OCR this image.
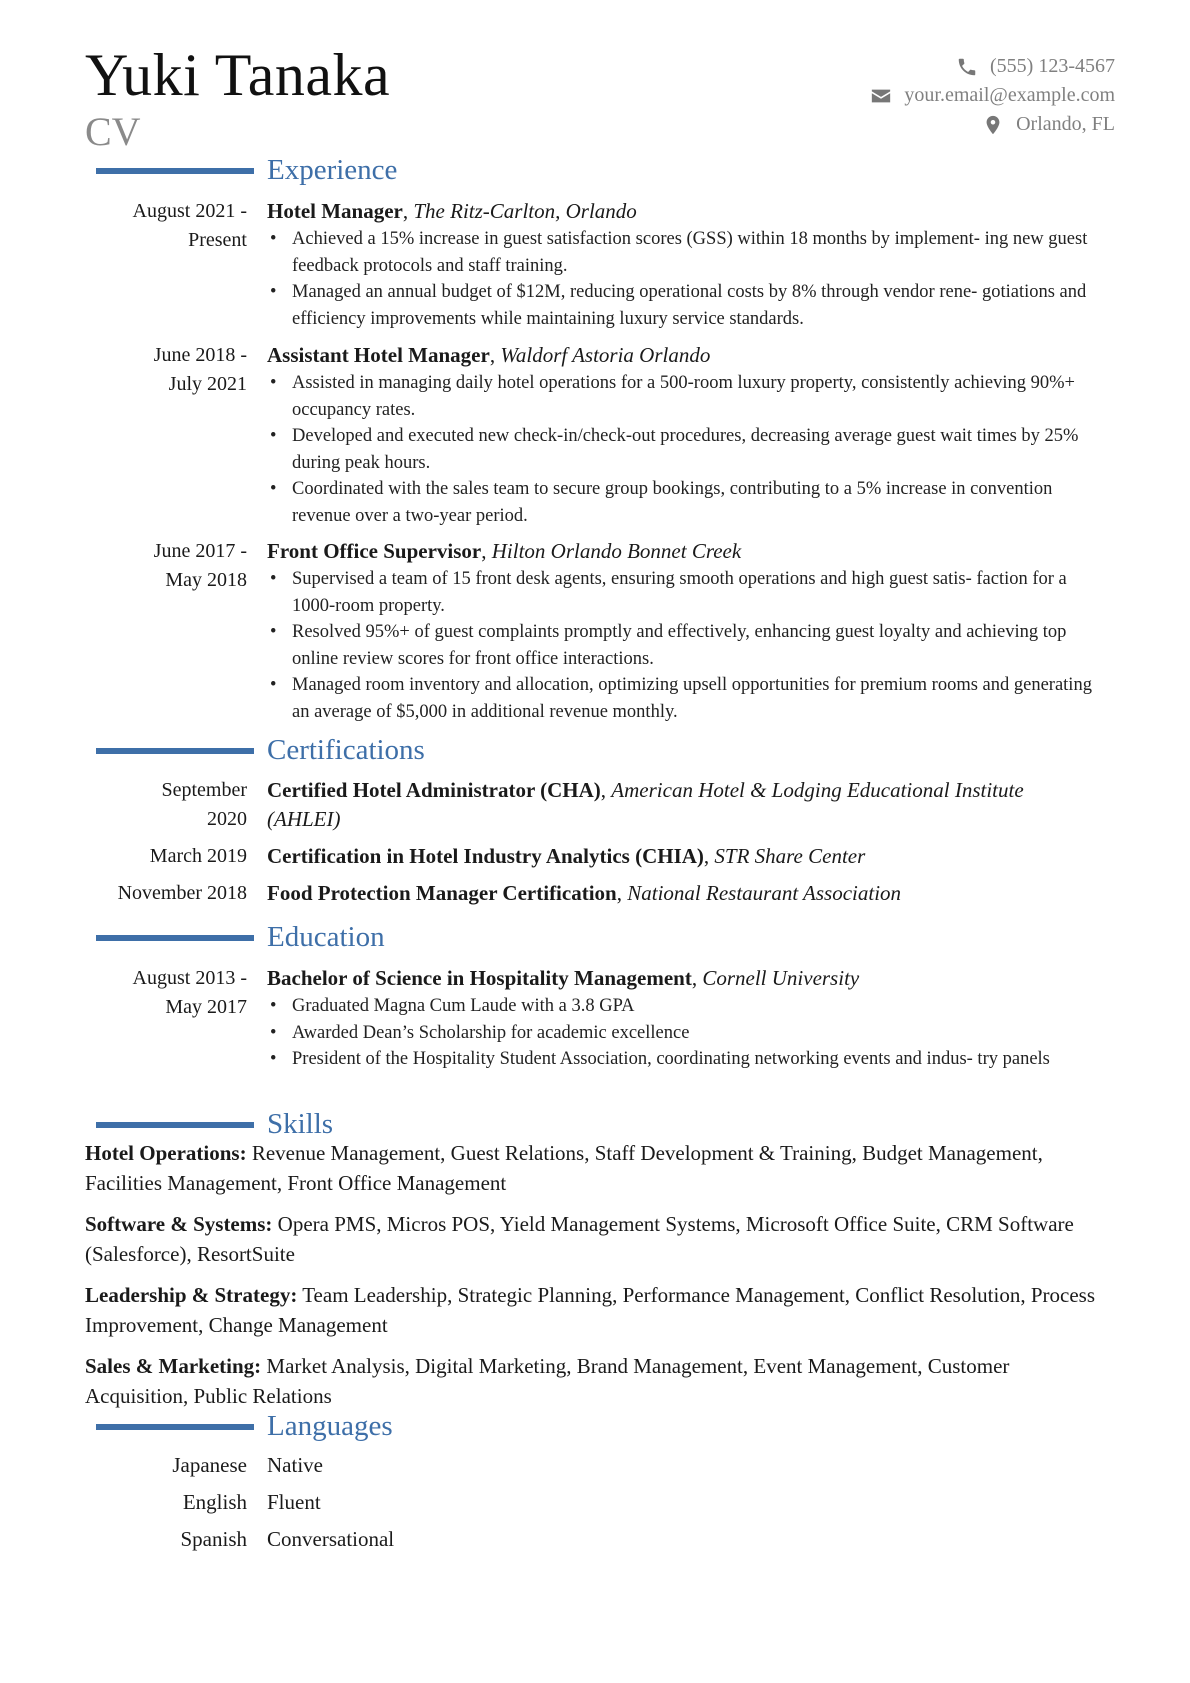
Yuki Tanaka
CV
(555) 123-4567
your.email@example.com
Orlando, FL
Experience
August 2021 -
Present
Hotel Manager, The Ritz-Carlton, Orlando
• Achieved a 15% increase in guest satisfaction scores (GSS) within 18 months by implement- ing new guest feedback protocols and staff training.
• Managed an annual budget of $12M, reducing operational costs by 8% through vendor rene- gotiations and efficiency improvements while maintaining luxury service standards.
June 2018 -
July 2021
Assistant Hotel Manager, Waldorf Astoria Orlando
• Assisted in managing daily hotel operations for a 500-room luxury property, consistently achieving 90%+ occupancy rates.
• Developed and executed new check-in/check-out procedures, decreasing average guest wait times by 25% during peak hours.
• Coordinated with the sales team to secure group bookings, contributing to a 5% increase in convention revenue over a two-year period.
June 2017 -
May 2018
Front Office Supervisor, Hilton Orlando Bonnet Creek
• Supervised a team of 15 front desk agents, ensuring smooth operations and high guest satis- faction for a 1000-room property.
• Resolved 95%+ of guest complaints promptly and effectively, enhancing guest loyalty and achieving top online review scores for front office interactions.
• Managed room inventory and allocation, optimizing upsell opportunities for premium rooms and generating an average of $5,000 in additional revenue monthly.
Certifications
September
2020
Certified Hotel Administrator (CHA), American Hotel & Lodging Educational Institute (AHLEI)
March 2019 Certification in Hotel Industry Analytics (CHIA), STR Share Center
November 2018 Food Protection Manager Certification, National Restaurant Association
Education
August 2013 -
May 2017
Bachelor of Science in Hospitality Management, Cornell University
• Graduated Magna Cum Laude with a 3.8 GPA
• Awarded Dean’s Scholarship for academic excellence
• President of the Hospitality Student Association, coordinating networking events and indus- try panels
Skills
Hotel Operations: Revenue Management, Guest Relations, Staff Development & Training, Budget Management, Facilities Management, Front Office Management
Software & Systems: Opera PMS, Micros POS, Yield Management Systems, Microsoft Office Suite, CRM Software (Salesforce), ResortSuite
Leadership & Strategy: Team Leadership, Strategic Planning, Performance Management, Conflict Resolution, Process Improvement, Change Management
Sales & Marketing: Market Analysis, Digital Marketing, Brand Management, Event Management, Customer Acquisition, Public Relations
Languages
Japanese Native
English Fluent
Spanish Conversational
